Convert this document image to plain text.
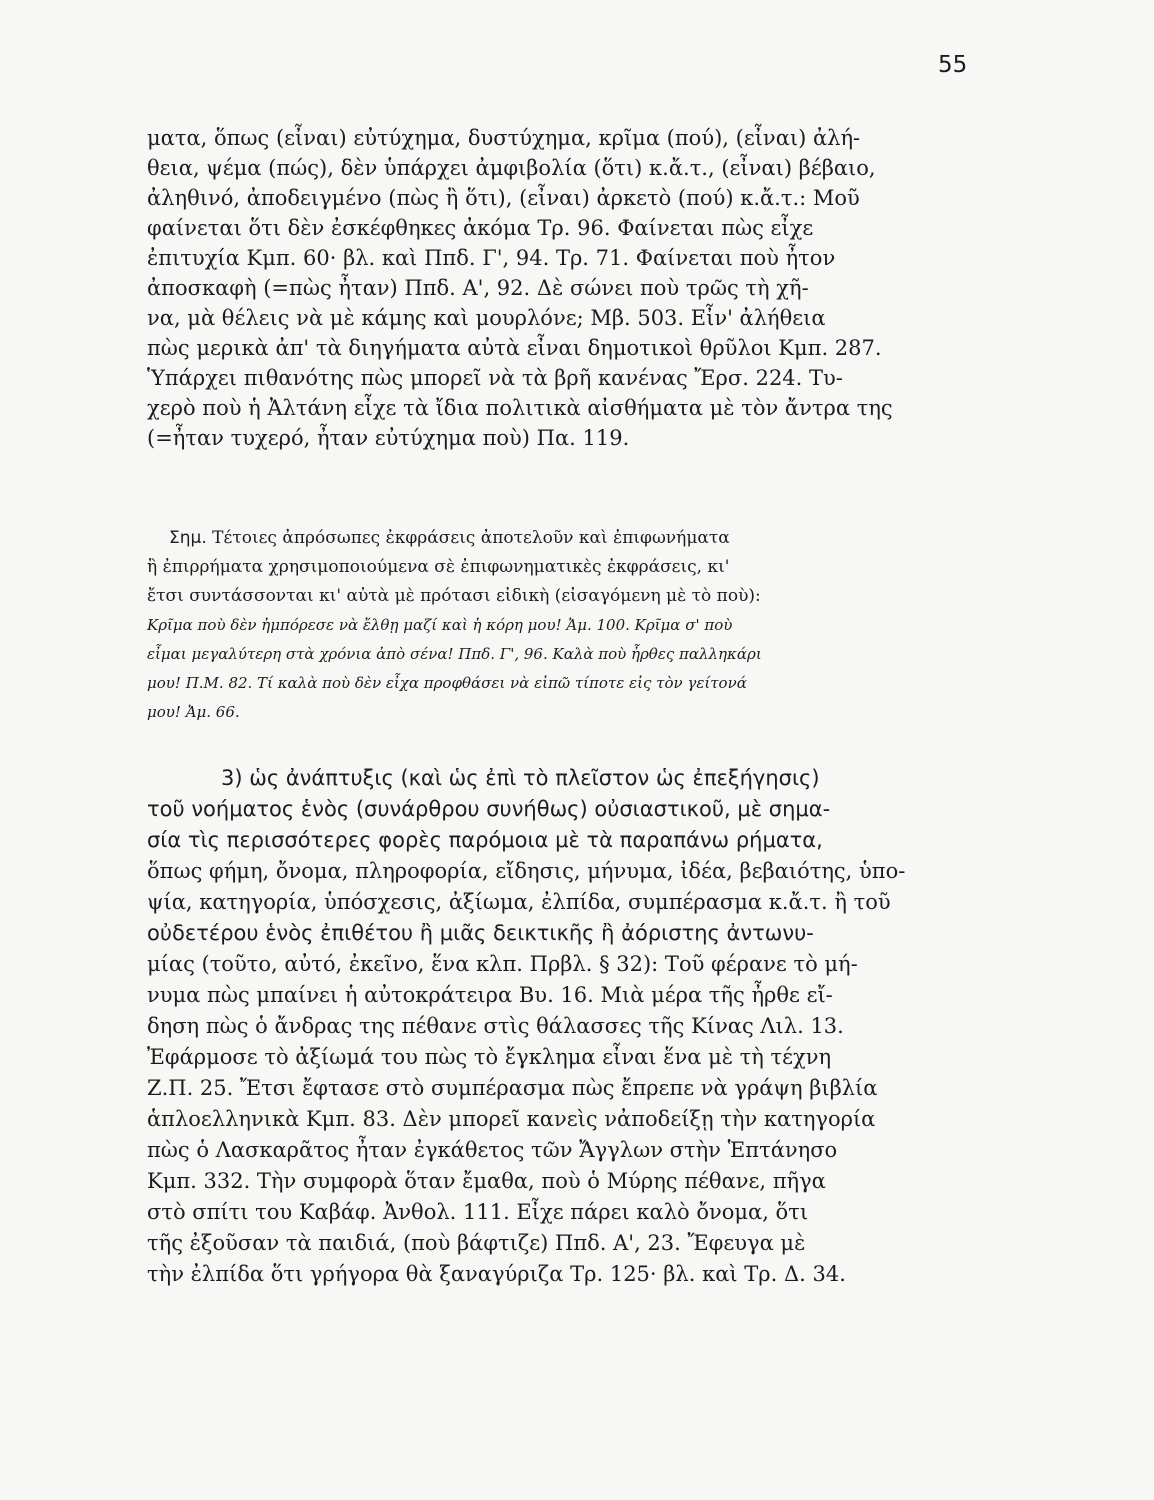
55
ματα, ὅπως (εἶναι) εὐτύχημα, δυστύχημα, κρῖμα (πού), (εἶναι) ἀλή-
θεια, ψέμα (πώς), δὲν ὑπάρχει ἀμφιβολία (ὅτι) κ.ἄ.τ., (εἶναι) βέβαιο,
ἀληθινό, ἀποδειγμένο (πὼς ἢ ὅτι), (εἶναι) ἀρκετὸ (πού) κ.ἄ.τ.: Μοῦ
φαίνεται ὅτι δὲν ἐσκέφθηκες ἀκόμα Τρ. 96. Φαίνεται πὼς εἶχε
ἐπιτυχία Κμπ. 60· βλ. καὶ Ππδ. Γ', 94. Τρ. 71. Φαίνεται ποὺ ἦτον
ἀποσκαφὴ (=πὼς ἦταν) Ππδ. Α', 92. Δὲ σώνει ποὺ τρῶς τὴ χῆ-
να, μὰ θέλεις νὰ μὲ κάμης καὶ μουρλόνε; Μβ. 503. Εἶν' ἀλήθεια
πὼς μερικὰ ἀπ' τὰ διηγήματα αὐτὰ εἶναι δημοτικοὶ θρῦλοι Κμπ. 287.
Ὑπάρχει πιθανότης πὼς μπορεῖ νὰ τὰ βρῆ κανένας Ἔρσ. 224. Τυ-
χερὸ ποὺ ἡ Ἀλτάνη εἶχε τὰ ἴδια πολιτικὰ αἰσθήματα μὲ τὸν ἄντρα της
(=ἦταν τυχερό, ἦταν εὐτύχημα ποὺ) Πα. 119.
Σημ. Τέτοιες ἀπρόσωπες ἐκφράσεις ἀποτελοῦν καὶ ἐπιφωνήματα
ἢ ἐπιρρήματα χρησιμοποιούμενα σὲ ἐπιφωνηματικὲς ἐκφράσεις, κι'
ἔτσι συντάσσονται κι' αὐτὰ μὲ πρότασι εἰδικὴ (εἰσαγόμενη μὲ τὸ ποὺ):
Κρῖμα ποὺ δὲν ἠμπόρεσε νὰ ἔλθῃ μαζί καὶ ἡ κόρη μου! Ἀμ. 100. Κρῖμα σ' ποὺ
εἶμαι μεγαλύτερη στὰ χρόνια ἀπὸ σένα! Ππδ. Γ', 96. Καλὰ ποὺ ἦρθες παλληκάρι
μου! Π.Μ. 82. Τί καλὰ ποὺ δὲν εἶχα προφθάσει νὰ εἰπῶ τίποτε εἰς τὸν γείτονά
μου! Ἀμ. 66.
3) ὡς ἀνάπτυξις (καὶ ὡς ἐπὶ τὸ πλεῖστον ὡς ἐπεξήγησις)
τοῦ νοήματος ἑνὸς (συνάρθρου συνήθως) οὐσιαστικοῦ, μὲ σημα-
σία τὶς περισσότερες φορὲς παρόμοια μὲ τὰ παραπάνω ρήματα,
ὅπως φήμη, ὄνομα, πληροφορία, εἴδησις, μήνυμα, ἰδέα, βεβαιότης, ὑπο-
ψία, κατηγορία, ὑπόσχεσις, ἀξίωμα, ἐλπίδα, συμπέρασμα κ.ἄ.τ. ἢ τοῦ
οὐδετέρου ἑνὸς ἐπιθέτου ἢ μιᾶς δεικτικῆς ἢ ἀόριστης ἀντωνυ-
μίας (τοῦτο, αὐτό, ἐκεῖνο, ἕνα κλπ. Πρβλ. § 32): Τοῦ φέρανε τὸ μή-
νυμα πὼς μπαίνει ἡ αὐτοκράτειρα Βυ. 16. Μιὰ μέρα τῆς ἦρθε εἴ-
δηση πὼς ὁ ἄνδρας της πέθανε στὶς θάλασσες τῆς Κίνας Λιλ. 13.
Ἐφάρμοσε τὸ ἀξίωμά του πὼς τὸ ἔγκλημα εἶναι ἕνα μὲ τὴ τέχνη
Ζ.Π. 25. Ἔτσι ἔφτασε στὸ συμπέρασμα πὼς ἔπρεπε νὰ γράψη βιβλία
ἁπλοελληνικὰ Κμπ. 83. Δὲν μπορεῖ κανεὶς νἀποδείξῃ τὴν κατηγορία
πὼς ὁ Λασκαρᾶτος ἦταν ἐγκάθετος τῶν Ἄγγλων στὴν Ἑπτάνησο
Κμπ. 332. Τὴν συμφορὰ ὅταν ἔμαθα, ποὺ ὁ Μύρης πέθανε, πῆγα
στὸ σπίτι του Καβάφ. Ἀνθολ. 111. Εἶχε πάρει καλὸ ὄνομα, ὅτι
τῆς ἐξοῦσαν τὰ παιδιά, (ποὺ βάφτιζε) Ππδ. Α', 23. Ἔφευγα μὲ
τὴν ἐλπίδα ὅτι γρήγορα θὰ ξαναγύριζα Τρ. 125· βλ. καὶ Τρ. Δ. 34.
